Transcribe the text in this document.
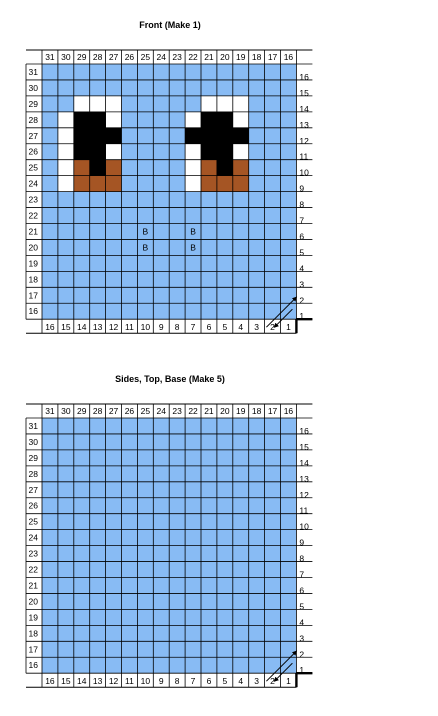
Front (Make 1)
31 30 29 28 27 26 25 24 23 22 21 20 19 18 17 16
16 15 14 13 12 11 10 9 8 7 6 5 4 3 2 1
31
30
29
28
27
26
25
24
23
22
21
20
19
18
17
16
16
15
14
13
12
11
10
9
8
7
6
5
4
3
2
1
B	B
B	B
Sides, Top, Base (Make 5)
31 30 29 28 27 26 25 24 23 22 21 20 19 18 17 16
16 15 14 13 12 11 10 9 8 7 6 5 4 3 2 1
31
30
29
28
27
26
25
24
23
22
21
20
19
18
17
16
16
15
14
13
12
11
10
9
8
7
6
5
4
3
2
1
